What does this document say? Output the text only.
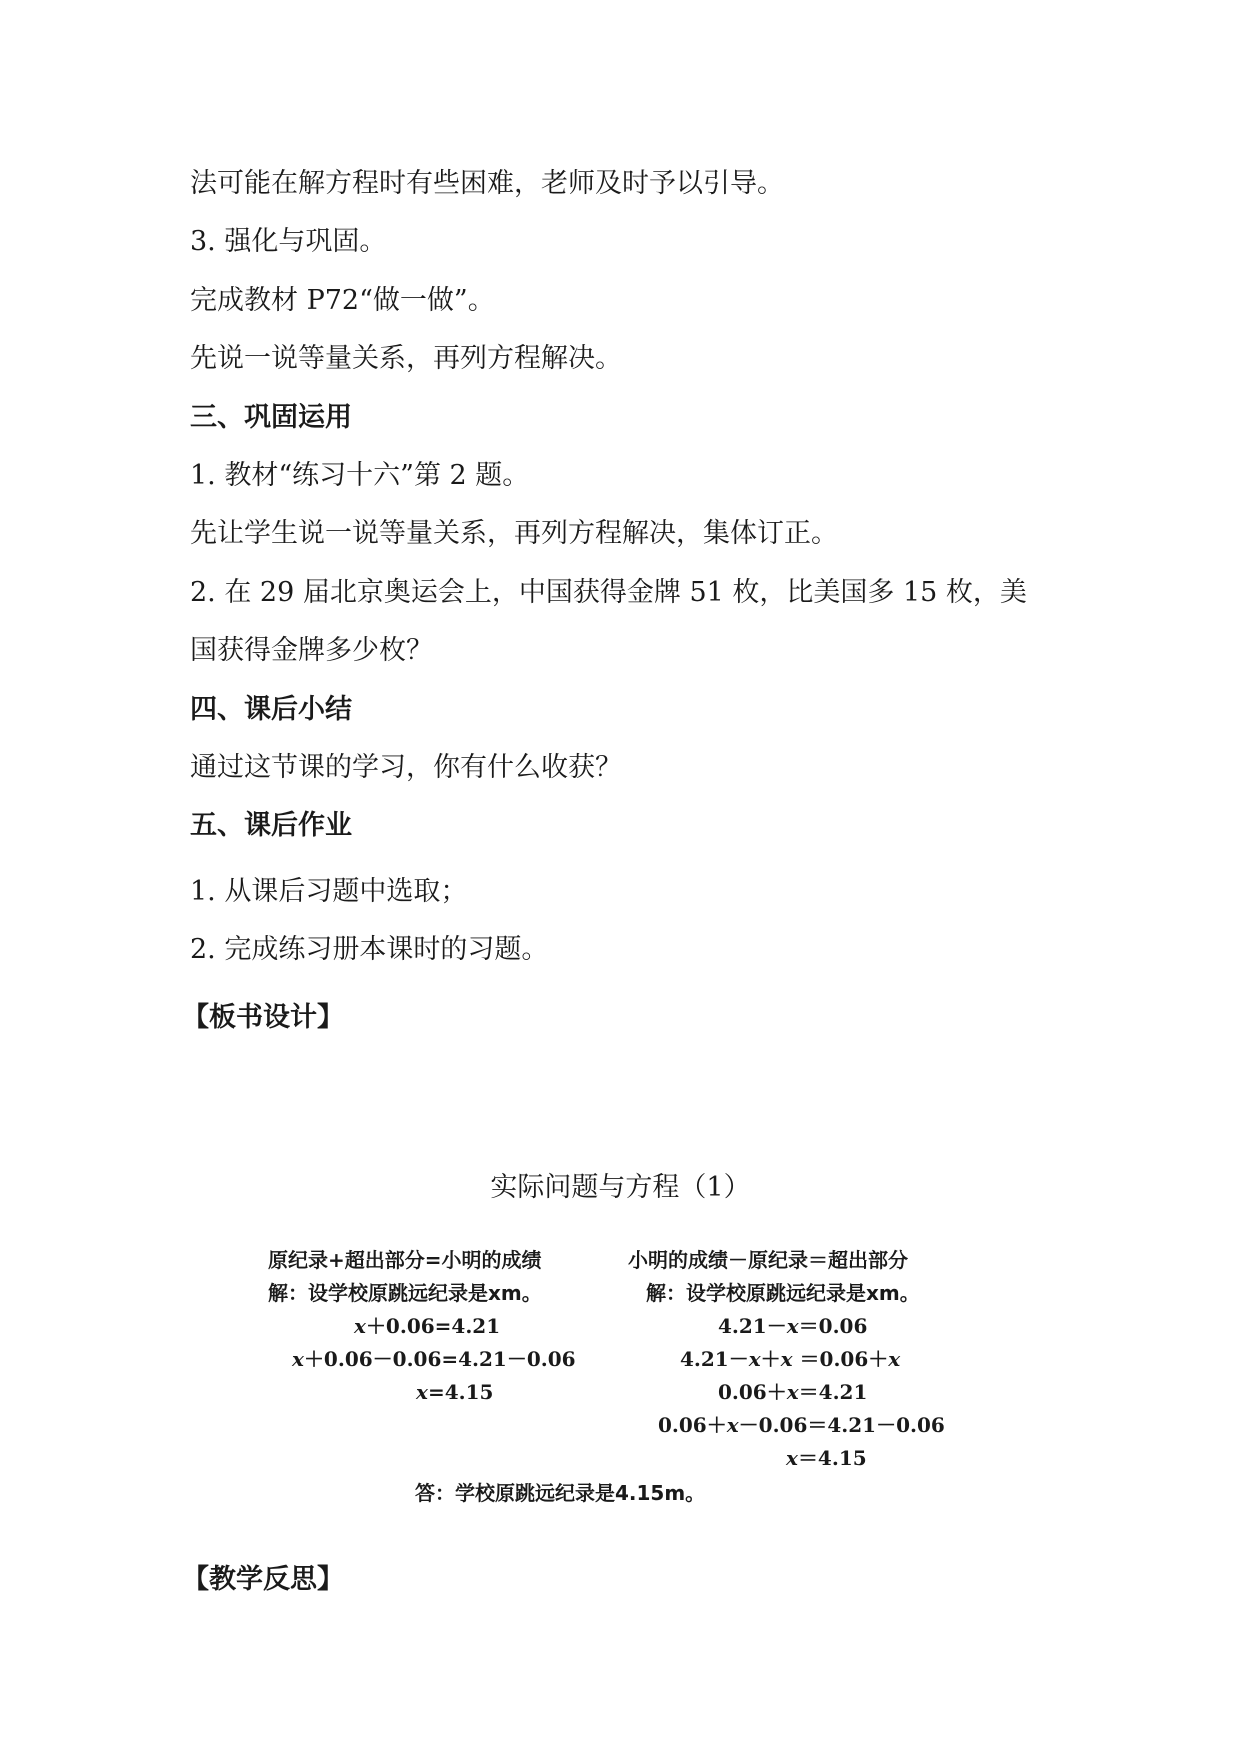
法可能在解方程时有些困难，老师及时予以引导。
3. 强化与巩固。
完成教材 P72“做一做”。
先说一说等量关系，再列方程解决。
三、巩固运用
1. 教材“练习十六”第 2 题。
先让学生说一说等量关系，再列方程解决，集体订正。
2. 在 29 届北京奥运会上，中国获得金牌 51 枚，比美国多 15 枚，美
国获得金牌多少枚？
四、课后小结
通过这节课的学习，你有什么收获？
五、课后作业
1. 从课后习题中选取；
2. 完成练习册本课时的习题。
【板书设计】
实际问题与方程（1）
原纪录+超出部分=小明的成绩
解：设学校原跳远纪录是xm。
x＋0.06=4.21
x＋0.06－0.06=4.21－0.06
x=4.15
小明的成绩－原纪录＝超出部分
解：设学校原跳远纪录是xm。
4.21－x＝0.06
4.21－x＋x ＝0.06＋x
0.06＋x＝4.21
0.06＋x－0.06＝4.21－0.06
x＝4.15
答：学校原跳远纪录是4.15m。
【教学反思】
